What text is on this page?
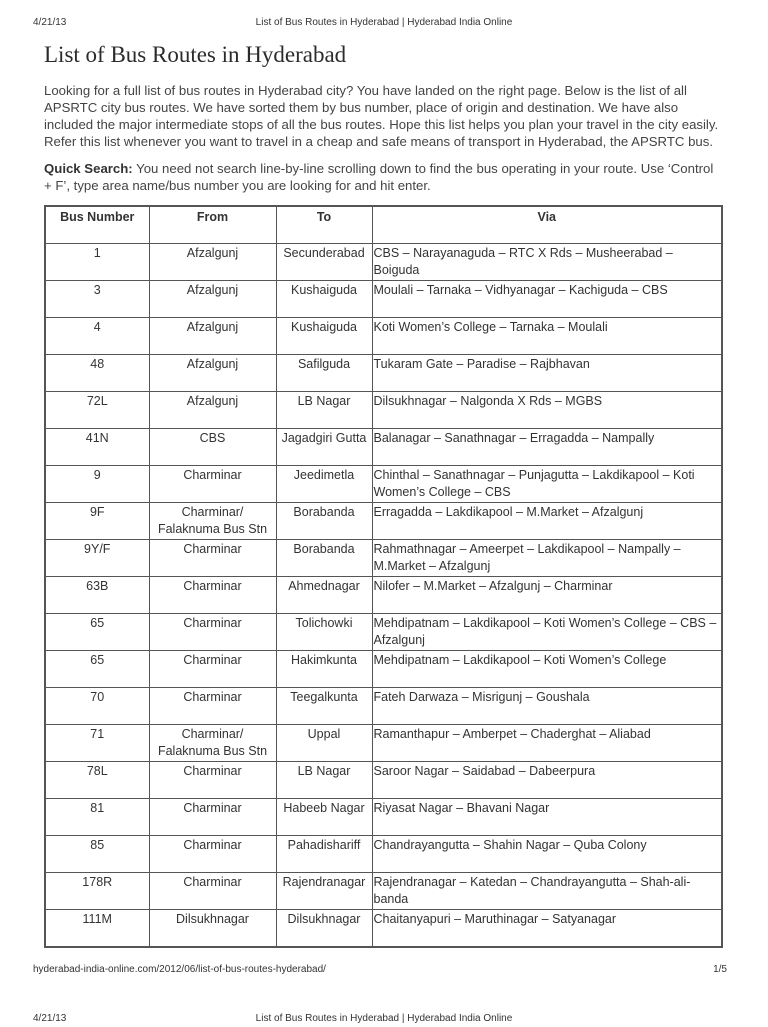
4/21/13	List of Bus Routes in Hyderabad | Hyderabad India Online
List of Bus Routes in Hyderabad

Looking for a full list of bus routes in Hyderabad city? You have landed on the right page. Below is the list of all APSRTC city bus routes. We have sorted them by bus number, place of origin and destination. We have also included the major intermediate stops of all the bus routes. Hope this list helps you plan your travel in the city easily. Refer this list whenever you want to travel in a cheap and safe means of transport in Hyderabad, the APSRTC bus.

Quick Search: You need not search line-by-line scrolling down to find the bus operating in your route. Use ‘Control + F’, type area name/bus number you are looking for and hit enter.

Bus Number	From	To	Via
1	Afzalgunj	Secunderabad	CBS – Narayanaguda – RTC X Rds – Musheerabad – Boiguda
3	Afzalgunj	Kushaiguda	Moulali – Tarnaka – Vidhyanagar – Kachiguda – CBS
4	Afzalgunj	Kushaiguda	Koti Women’s College – Tarnaka – Moulali
48	Afzalgunj	Safilguda	Tukaram Gate – Paradise – Rajbhavan
72L	Afzalgunj	LB Nagar	Dilsukhnagar – Nalgonda X Rds – MGBS
41N	CBS	Jagadgiri Gutta	Balanagar – Sanathnagar – Erragadda – Nampally
9	Charminar	Jeedimetla	Chinthal – Sanathnagar – Punjagutta – Lakdikapool – Koti Women’s College – CBS
9F	Charminar/ Falaknuma Bus Stn	Borabanda	Erragadda – Lakdikapool – M.Market – Afzalgunj
9Y/F	Charminar	Borabanda	Rahmathnagar – Ameerpet – Lakdikapool – Nampally – M.Market – Afzalgunj
63B	Charminar	Ahmednagar	Nilofer – M.Market – Afzalgunj – Charminar
65	Charminar	Tolichowki	Mehdipatnam – Lakdikapool – Koti Women’s College – CBS – Afzalgunj
65	Charminar	Hakimkunta	Mehdipatnam – Lakdikapool – Koti Women’s College
70	Charminar	Teegalkunta	Fateh Darwaza – Misrigunj – Goushala
71	Charminar/ Falaknuma Bus Stn	Uppal	Ramanthapur – Amberpet – Chaderghat – Aliabad
78L	Charminar	LB Nagar	Saroor Nagar – Saidabad – Dabeerpura
81	Charminar	Habeeb Nagar	Riyasat Nagar – Bhavani Nagar
85	Charminar	Pahadishariff	Chandrayangutta – Shahin Nagar – Quba Colony
178R	Charminar	Rajendranagar	Rajendranagar – Katedan – Chandrayangutta – Shah-ali-banda
111M	Dilsukhnagar	Dilsukhnagar	Chaitanyapuri – Maruthinagar – Satyanagar
hyderabad-india-online.com/2012/06/list-of-bus-routes-hyderabad/	1/5
4/21/13	List of Bus Routes in Hyderabad | Hyderabad India Online
